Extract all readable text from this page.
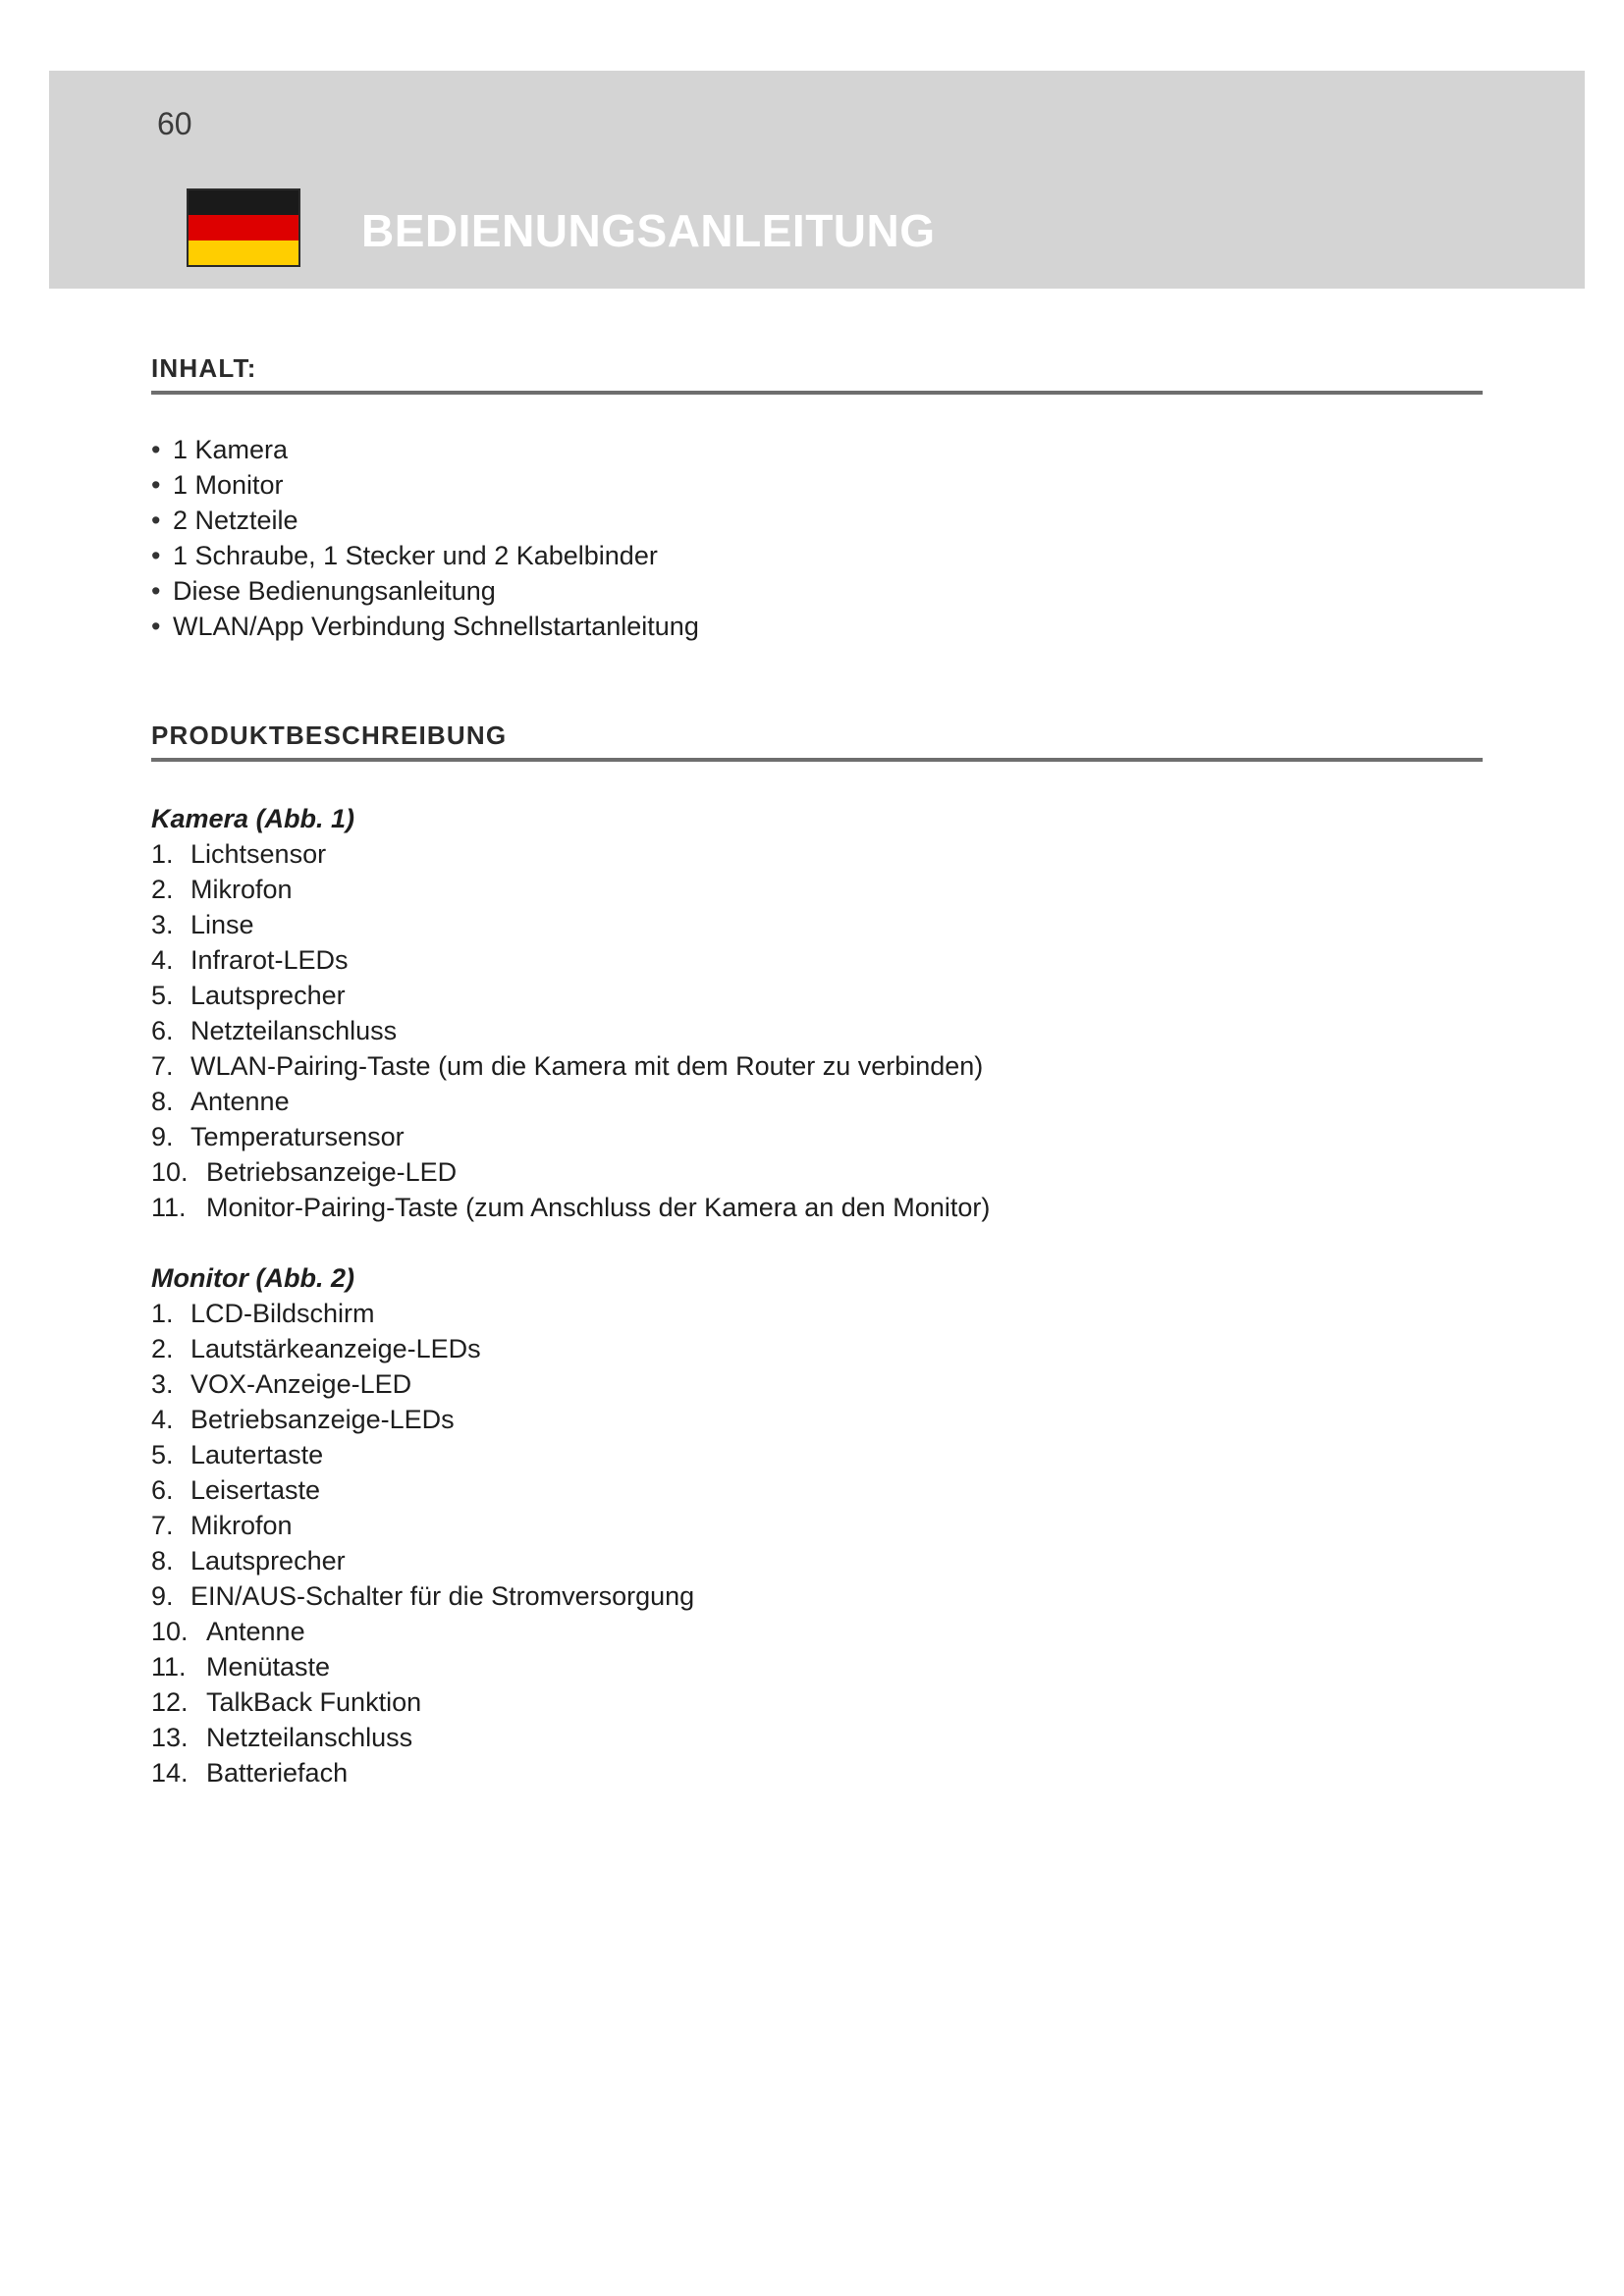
60

BEDIENUNGSANLEITUNG
INHALT:
• 1 Kamera
• 1 Monitor
• 2 Netzteile
• 1 Schraube, 1 Stecker und 2 Kabelbinder
• Diese Bedienungsanleitung
• WLAN/App Verbindung Schnellstartanleitung
PRODUKTBESCHREIBUNG
Kamera (Abb. 1)
1. Lichtsensor
2. Mikrofon
3. Linse
4. Infrarot-LEDs
5. Lautsprecher
6. Netzteilanschluss
7. WLAN-Pairing-Taste (um die Kamera mit dem Router zu verbinden)
8. Antenne
9. Temperatursensor
10. Betriebsanzeige-LED
11. Monitor-Pairing-Taste (zum Anschluss der Kamera an den Monitor)
Monitor (Abb. 2)
1. LCD-Bildschirm
2. Lautstärkeanzeige-LEDs
3. VOX-Anzeige-LED
4. Betriebsanzeige-LEDs
5. Lautertaste
6. Leisertaste
7. Mikrofon
8. Lautsprecher
9. EIN/AUS-Schalter für die Stromversorgung
10. Antenne
11. Menütaste
12. TalkBack Funktion
13. Netzteilanschluss
14. Batteriefach
